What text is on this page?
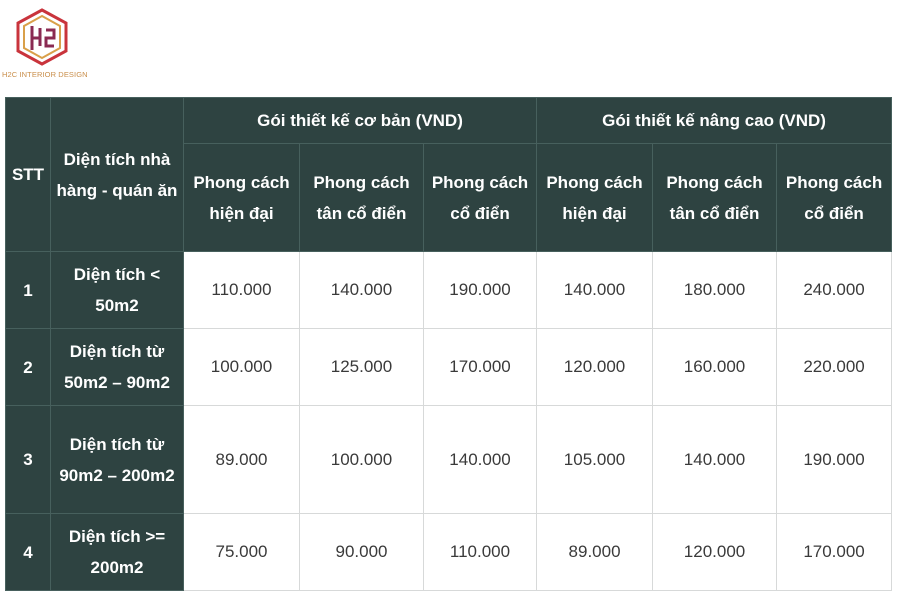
H2C INTERIOR DESIGN
STT	Diện tích nhà hàng - quán ăn	Gói thiết kế cơ bản (VND)			Gói thiết kế nâng cao (VND)		
		Phong cách hiện đại	Phong cách tân cổ điển	Phong cách cổ điển	Phong cách hiện đại	Phong cách tân cổ điển	Phong cách cổ điển
1	Diện tích < 50m2	110.000	140.000	190.000	140.000	180.000	240.000
2	Diện tích từ 50m2 – 90m2	100.000	125.000	170.000	120.000	160.000	220.000
3	Diện tích từ 90m2 – 200m2	89.000	100.000	140.000	105.000	140.000	190.000
4	Diện tích >= 200m2	75.000	90.000	110.000	89.000	120.000	170.000
